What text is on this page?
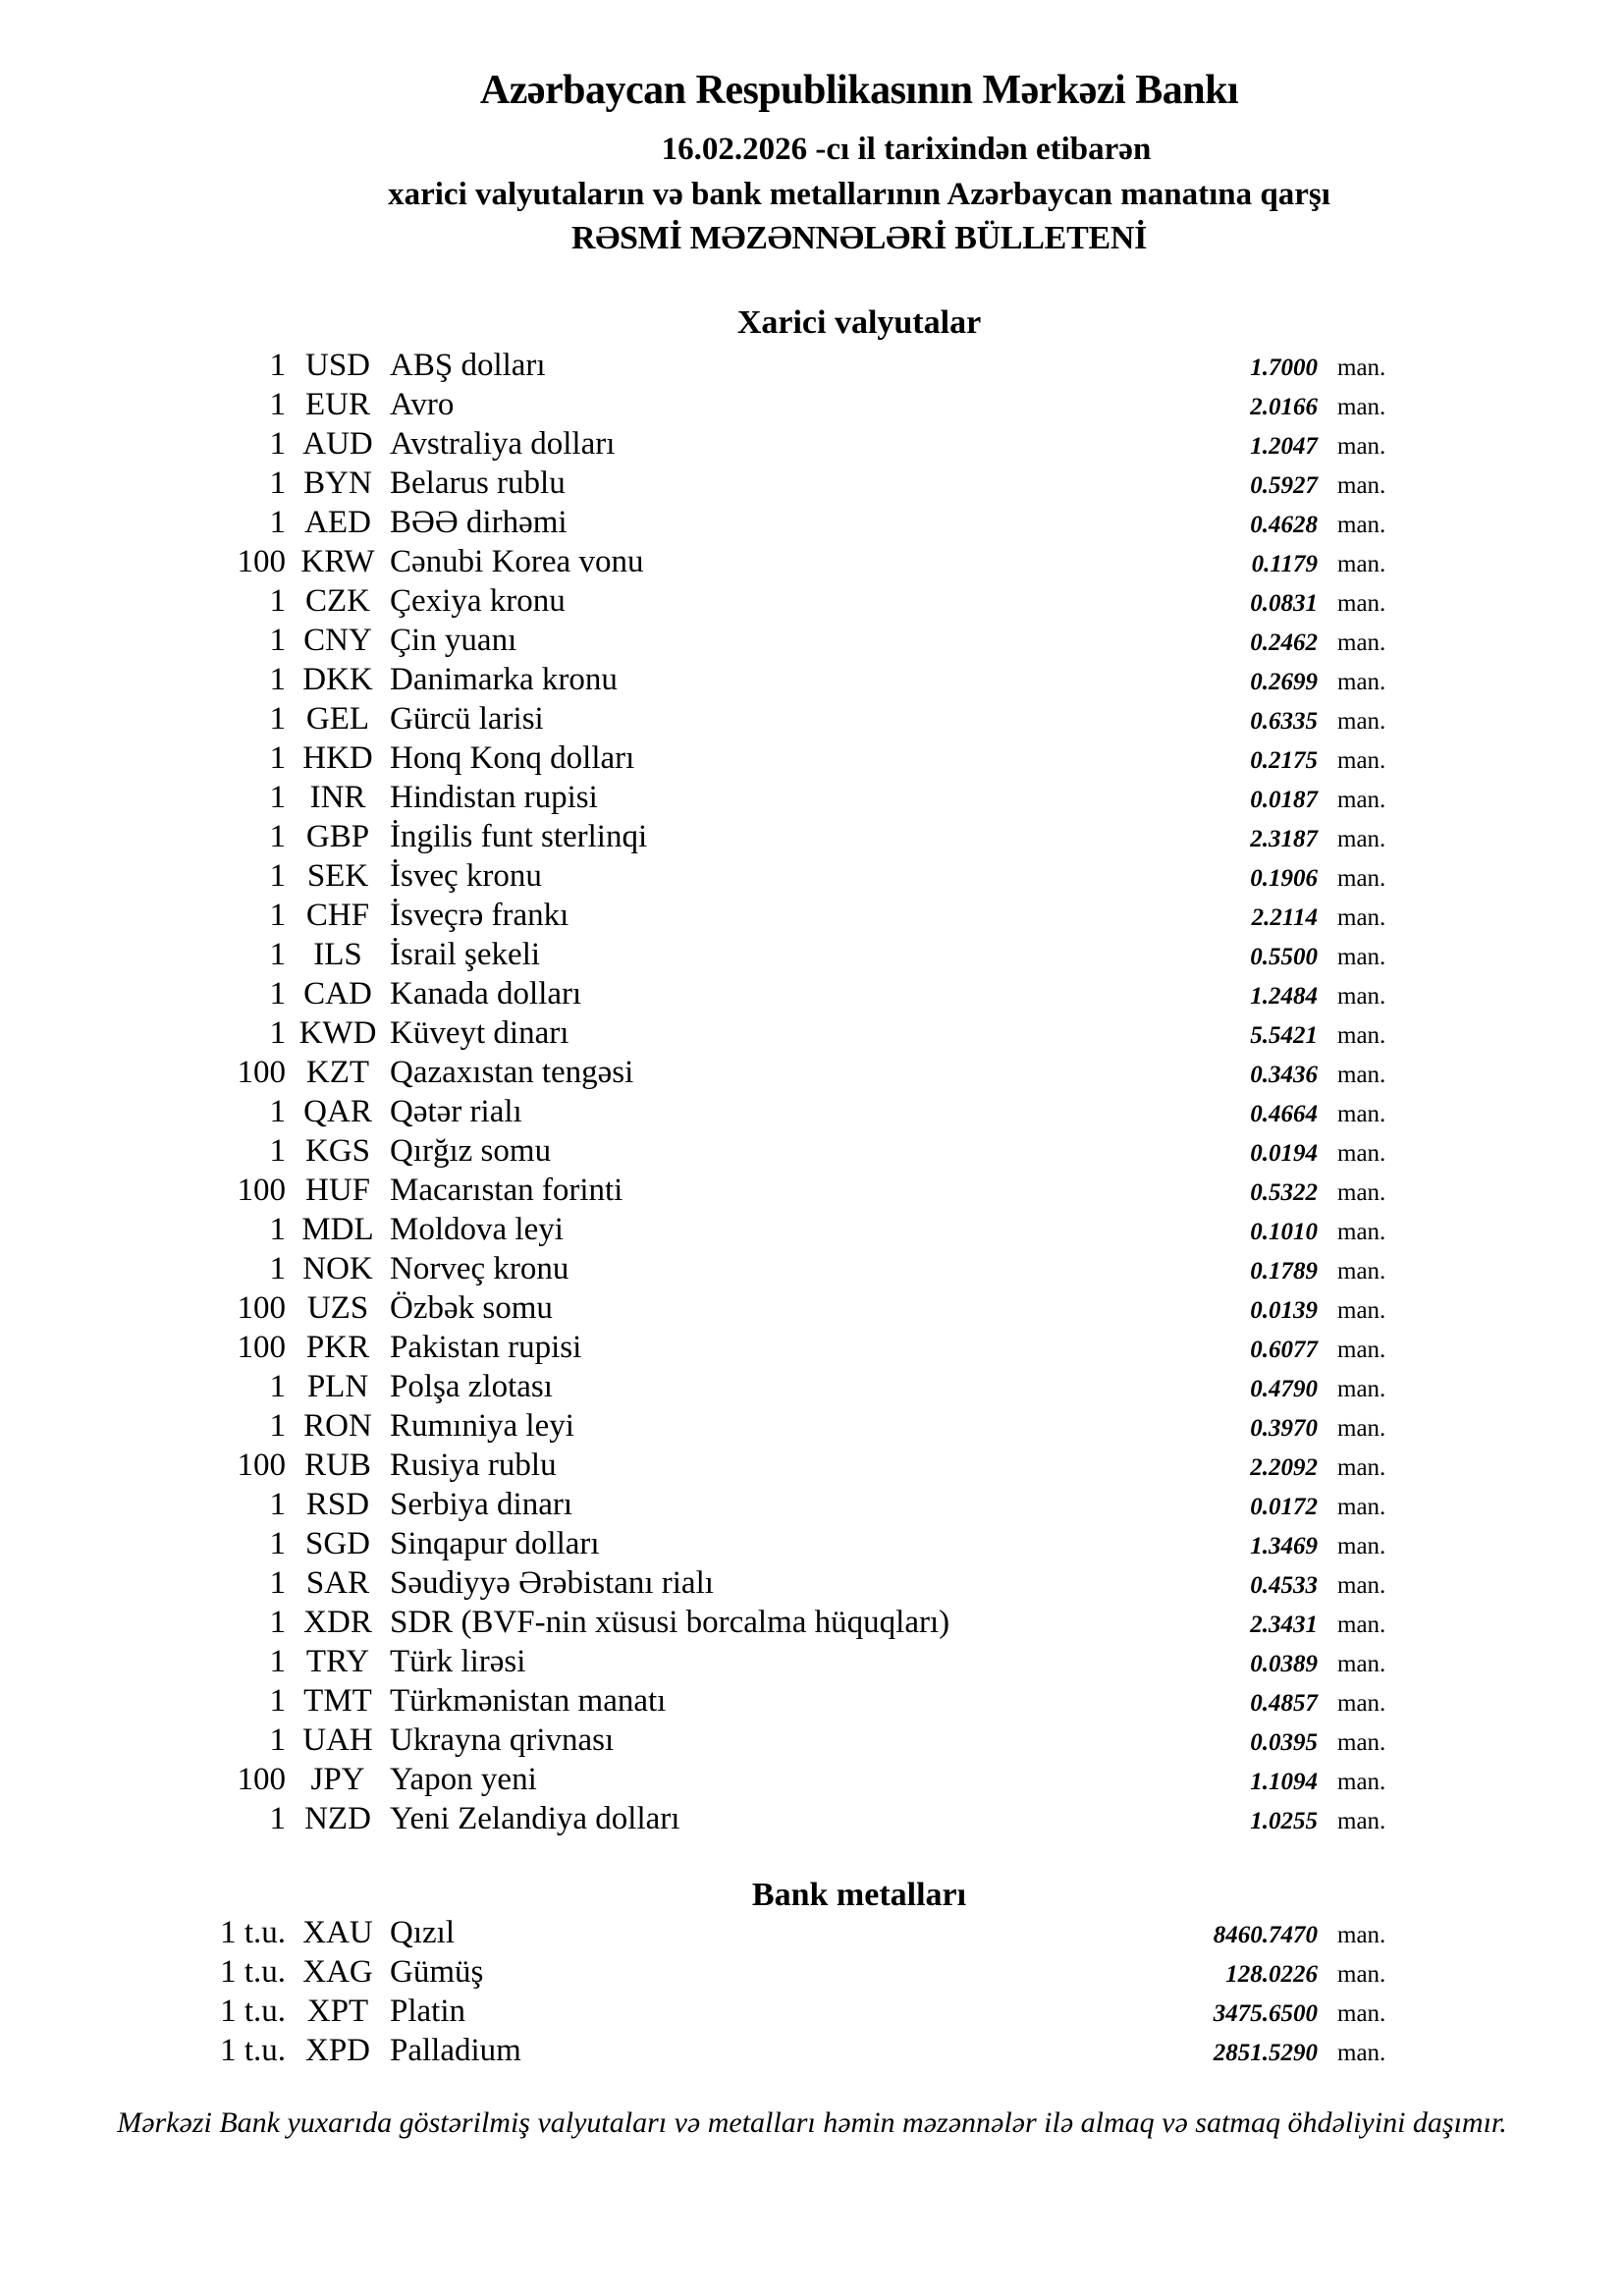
Azərbaycan Respublikasının Mərkəzi Bankı
16.02.2026 -cı il tarixindən etibarən
xarici valyutaların və bank metallarının Azərbaycan manatına qarşı
RƏSMİ MƏZƏNNƏLƏRİ BÜLLETENİ
Xarici valyutalar
1 USD ABŞ dolları	1.7000 man.
1 EUR Avro	2.0166 man.
1 AUD Avstraliya dolları	1.2047 man.
1 BYN Belarus rublu	0.5927 man.
1 AED BƏƏ dirhəmi	0.4628 man.
100 KRW Cənubi Korea vonu	0.1179 man.
1 CZK Çexiya kronu	0.0831 man.
1 CNY Çin yuanı	0.2462 man.
1 DKK Danimarka kronu	0.2699 man.
1 GEL Gürcü larisi	0.6335 man.
1 HKD Honq Konq dolları	0.2175 man.
1 INR Hindistan rupisi	0.0187 man.
1 GBP İngilis funt sterlinqi	2.3187 man.
1 SEK İsveç kronu	0.1906 man.
1 CHF İsveçrə frankı	2.2114 man.
1 ILS İsrail şekeli	0.5500 man.
1 CAD Kanada dolları	1.2484 man.
1 KWD Küveyt dinarı	5.5421 man.
100 KZT Qazaxıstan tengəsi	0.3436 man.
1 QAR Qətər rialı	0.4664 man.
1 KGS Qırğız somu	0.0194 man.
100 HUF Macarıstan forinti	0.5322 man.
1 MDL Moldova leyi	0.1010 man.
1 NOK Norveç kronu	0.1789 man.
100 UZS Özbək somu	0.0139 man.
100 PKR Pakistan rupisi	0.6077 man.
1 PLN Polşa zlotası	0.4790 man.
1 RON Rumıniya leyi	0.3970 man.
100 RUB Rusiya rublu	2.2092 man.
1 RSD Serbiya dinarı	0.0172 man.
1 SGD Sinqapur dolları	1.3469 man.
1 SAR Səudiyyə Ərəbistanı rialı	0.4533 man.
1 XDR SDR (BVF-nin xüsusi borcalma hüquqları)	2.3431 man.
1 TRY Türk lirəsi	0.0389 man.
1 TMT Türkmənistan manatı	0.4857 man.
1 UAH Ukrayna qrivnası	0.0395 man.
100 JPY Yapon yeni	1.1094 man.
1 NZD Yeni Zelandiya dolları	1.0255 man.
Bank metalları
1 t.u. XAU Qızıl	8460.7470 man.
1 t.u. XAG Gümüş	128.0226 man.
1 t.u. XPT Platin	3475.6500 man.
1 t.u. XPD Palladium	2851.5290 man.
Mərkəzi Bank yuxarıda göstərilmiş valyutaları və metalları həmin məzənnələr ilə almaq və satmaq öhdəliyini daşımır.
